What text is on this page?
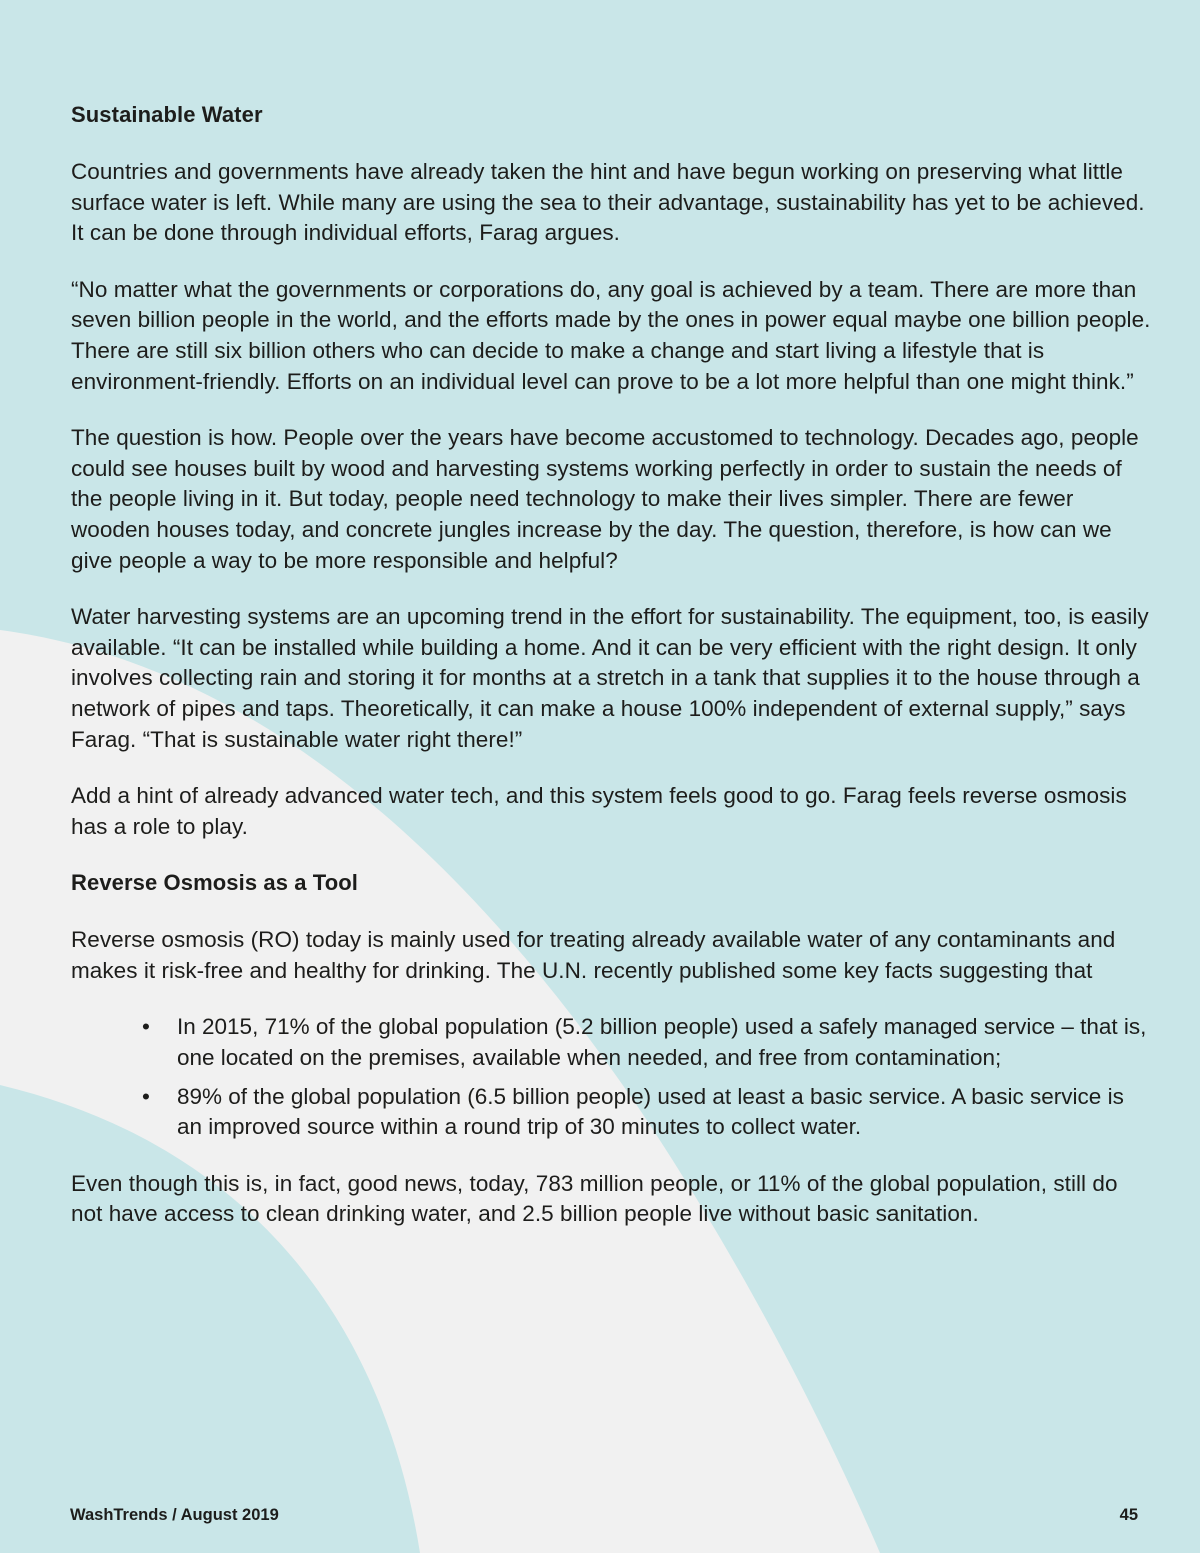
Sustainable Water

Countries and governments have already taken the hint and have begun working on preserving what little surface water is left. While many are using the sea to their advantage, sustainability has yet to be achieved. It can be done through individual efforts, Farag argues.

“No matter what the governments or corporations do, any goal is achieved by a team. There are more than seven billion people in the world, and the efforts made by the ones in power equal maybe one billion people. There are still six billion others who can decide to make a change and start living a lifestyle that is environment-friendly. Efforts on an individual level can prove to be a lot more helpful than one might think.”

The question is how. People over the years have become accustomed to technology. Decades ago, people could see houses built by wood and harvesting systems working perfectly in order to sustain the needs of the people living in it. But today, people need technology to make their lives simpler. There are fewer wooden houses today, and concrete jungles increase by the day. The question, therefore, is how can we give people a way to be more responsible and helpful?

Water harvesting systems are an upcoming trend in the effort for sustainability. The equipment, too, is easily available. “It can be installed while building a home. And it can be very efficient with the right design. It only involves collecting rain and storing it for months at a stretch in a tank that supplies it to the house through a network of pipes and taps. Theoretically, it can make a house 100% independent of external supply,” says Farag. “That is sustainable water right there!”

Add a hint of already advanced water tech, and this system feels good to go. Farag feels reverse osmosis has a role to play.

Reverse Osmosis as a Tool

Reverse osmosis (RO) today is mainly used for treating already available water of any contaminants and makes it risk-free and healthy for drinking. The U.N. recently published some key facts suggesting that

• In 2015, 71% of the global population (5.2 billion people) used a safely managed service – that is, one located on the premises, available when needed, and free from contamination;
• 89% of the global population (6.5 billion people) used at least a basic service. A basic service is an improved source within a round trip of 30 minutes to collect water.

Even though this is, in fact, good news, today, 783 million people, or 11% of the global population, still do not have access to clean drinking water, and 2.5 billion people live without basic sanitation.

WashTrends / August 2019	45
